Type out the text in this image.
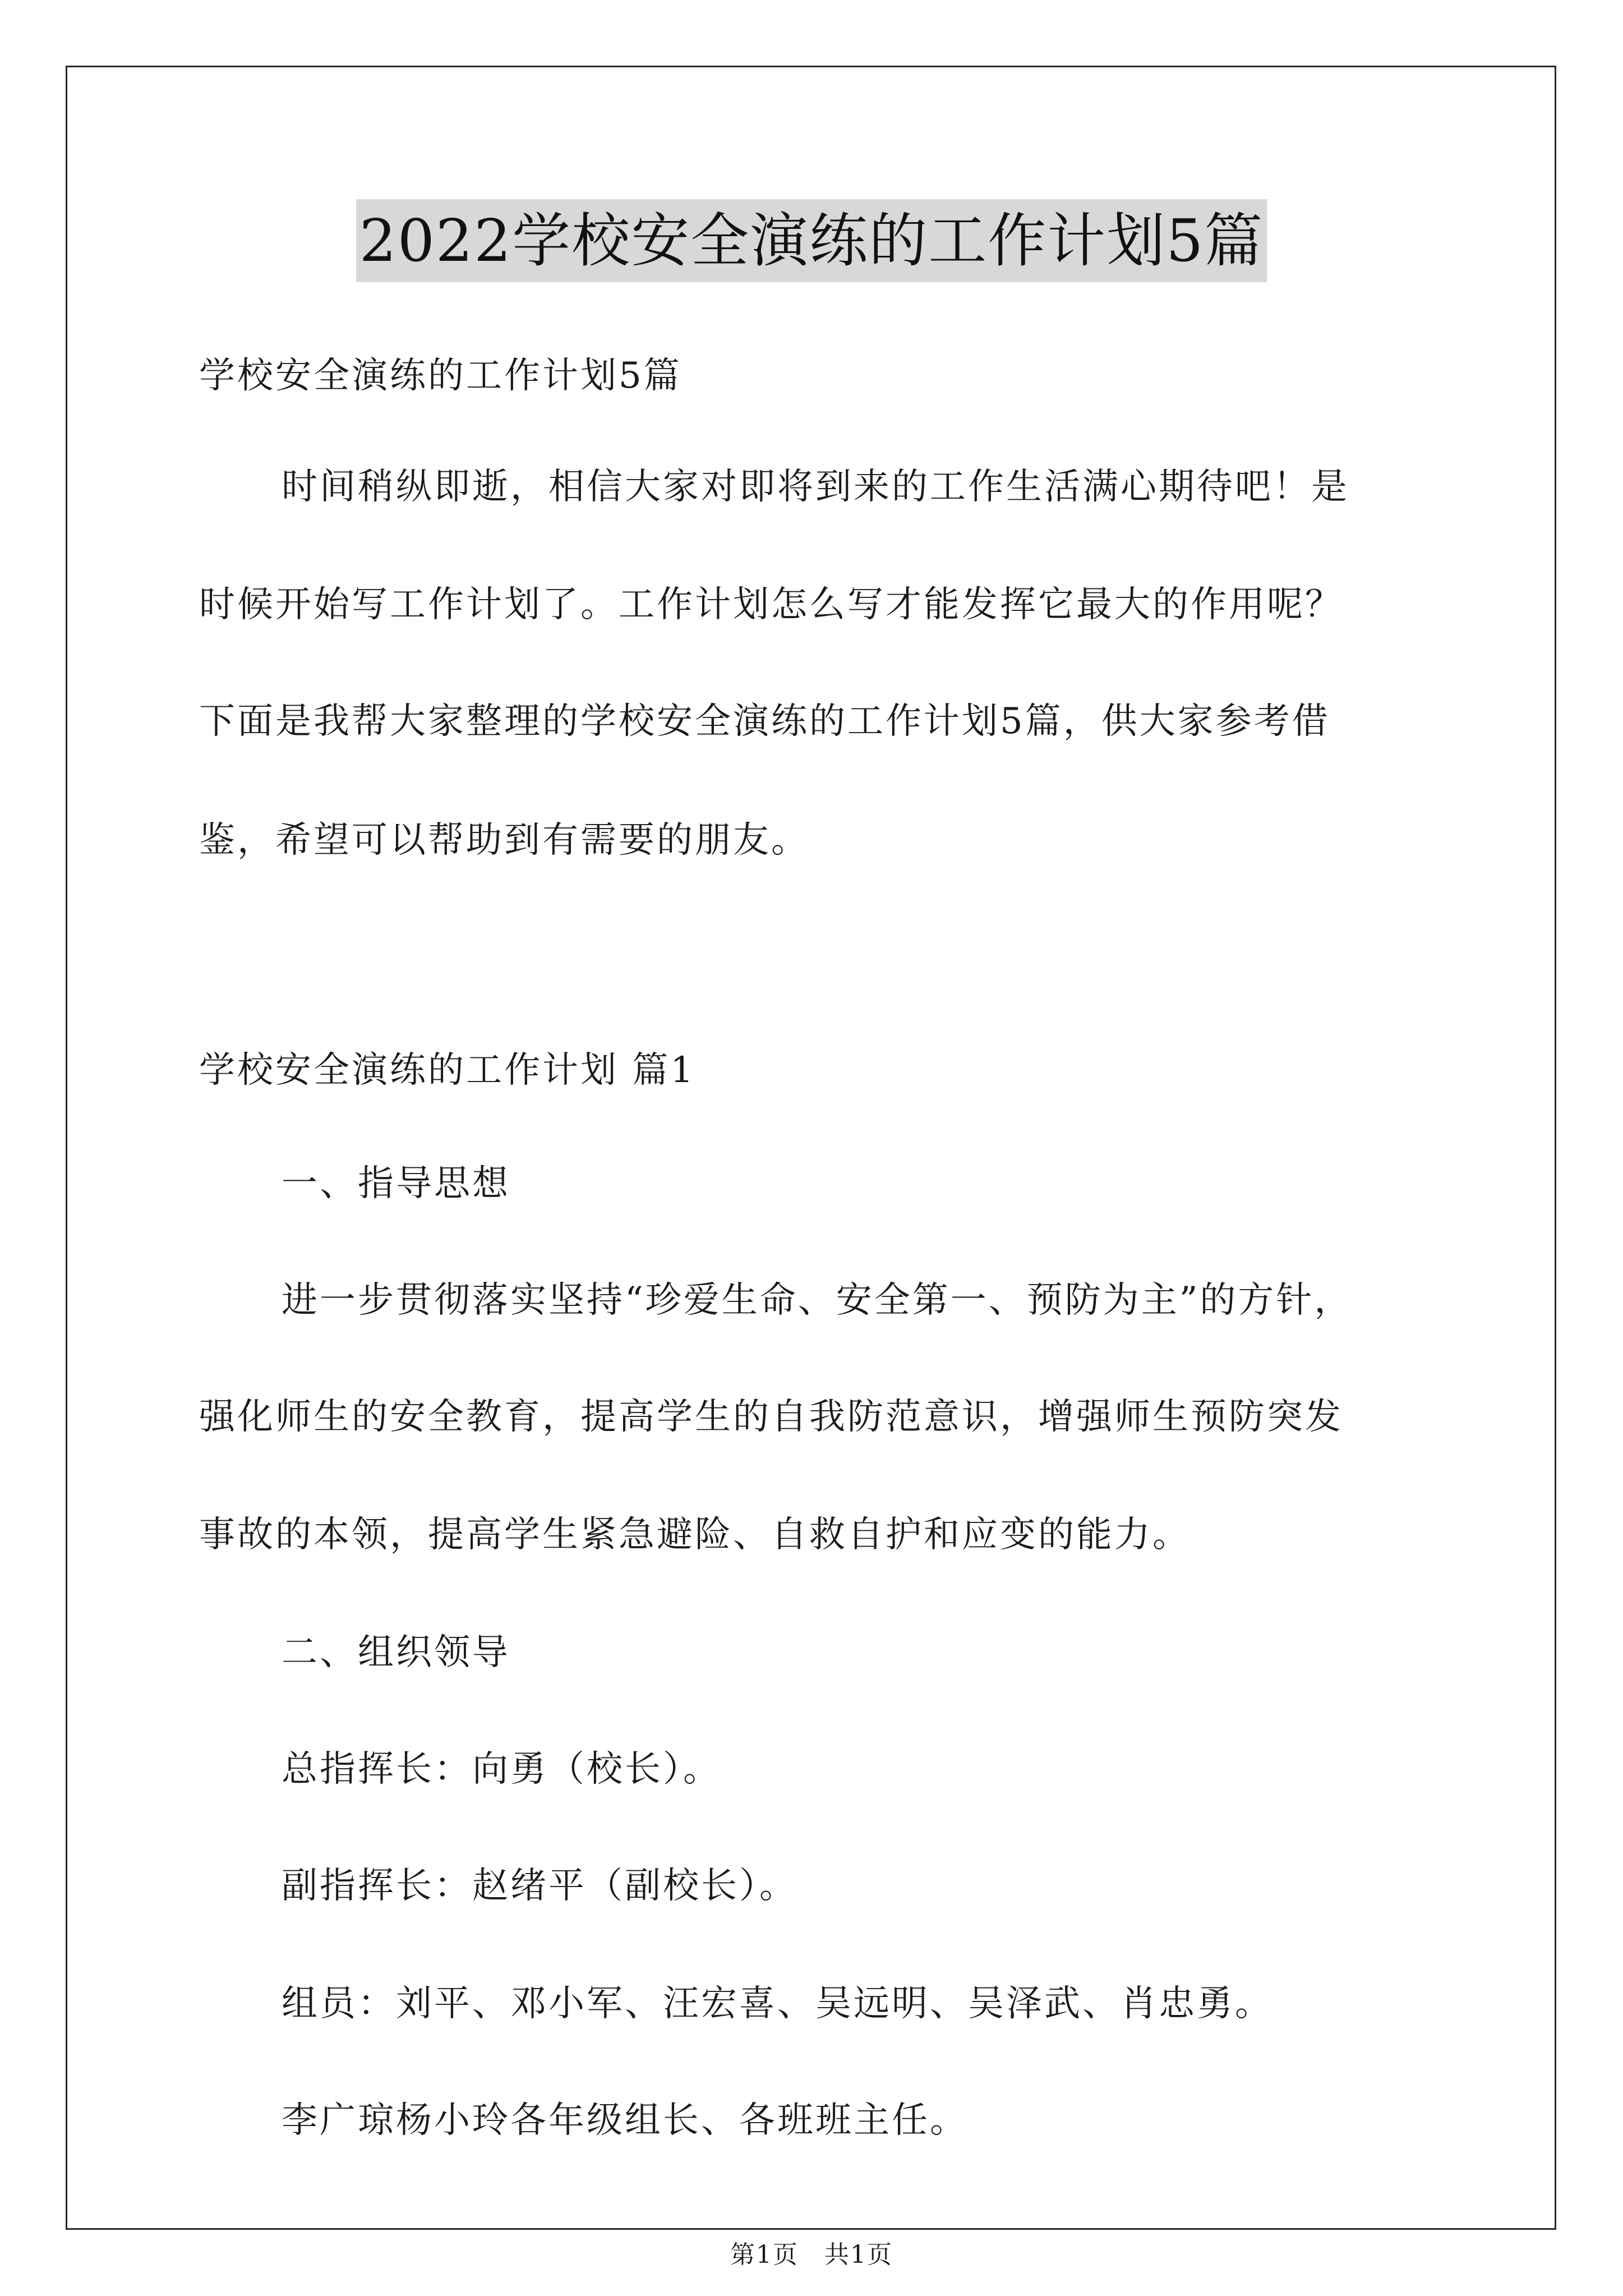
2022学校安全演练的工作计划5篇
学校安全演练的工作计划5篇
时间稍纵即逝，相信大家对即将到来的工作生活满心期待吧！是
时候开始写工作计划了。工作计划怎么写才能发挥它最大的作用呢？
下面是我帮大家整理的学校安全演练的工作计划5篇，供大家参考借
鉴，希望可以帮助到有需要的朋友。
学校安全演练的工作计划 篇1
一、指导思想
进一步贯彻落实坚持“珍爱生命、安全第一、预防为主”的方针，
强化师生的安全教育，提高学生的自我防范意识，增强师生预防突发
事故的本领，提高学生紧急避险、自救自护和应变的能力。
二、组织领导
总指挥长：向勇（校长）。
副指挥长：赵绪平（副校长）。
组员：刘平、邓小军、汪宏喜、吴远明、吴泽武、肖忠勇。
李广琼杨小玲各年级组长、各班班主任。
第1页　共1页
